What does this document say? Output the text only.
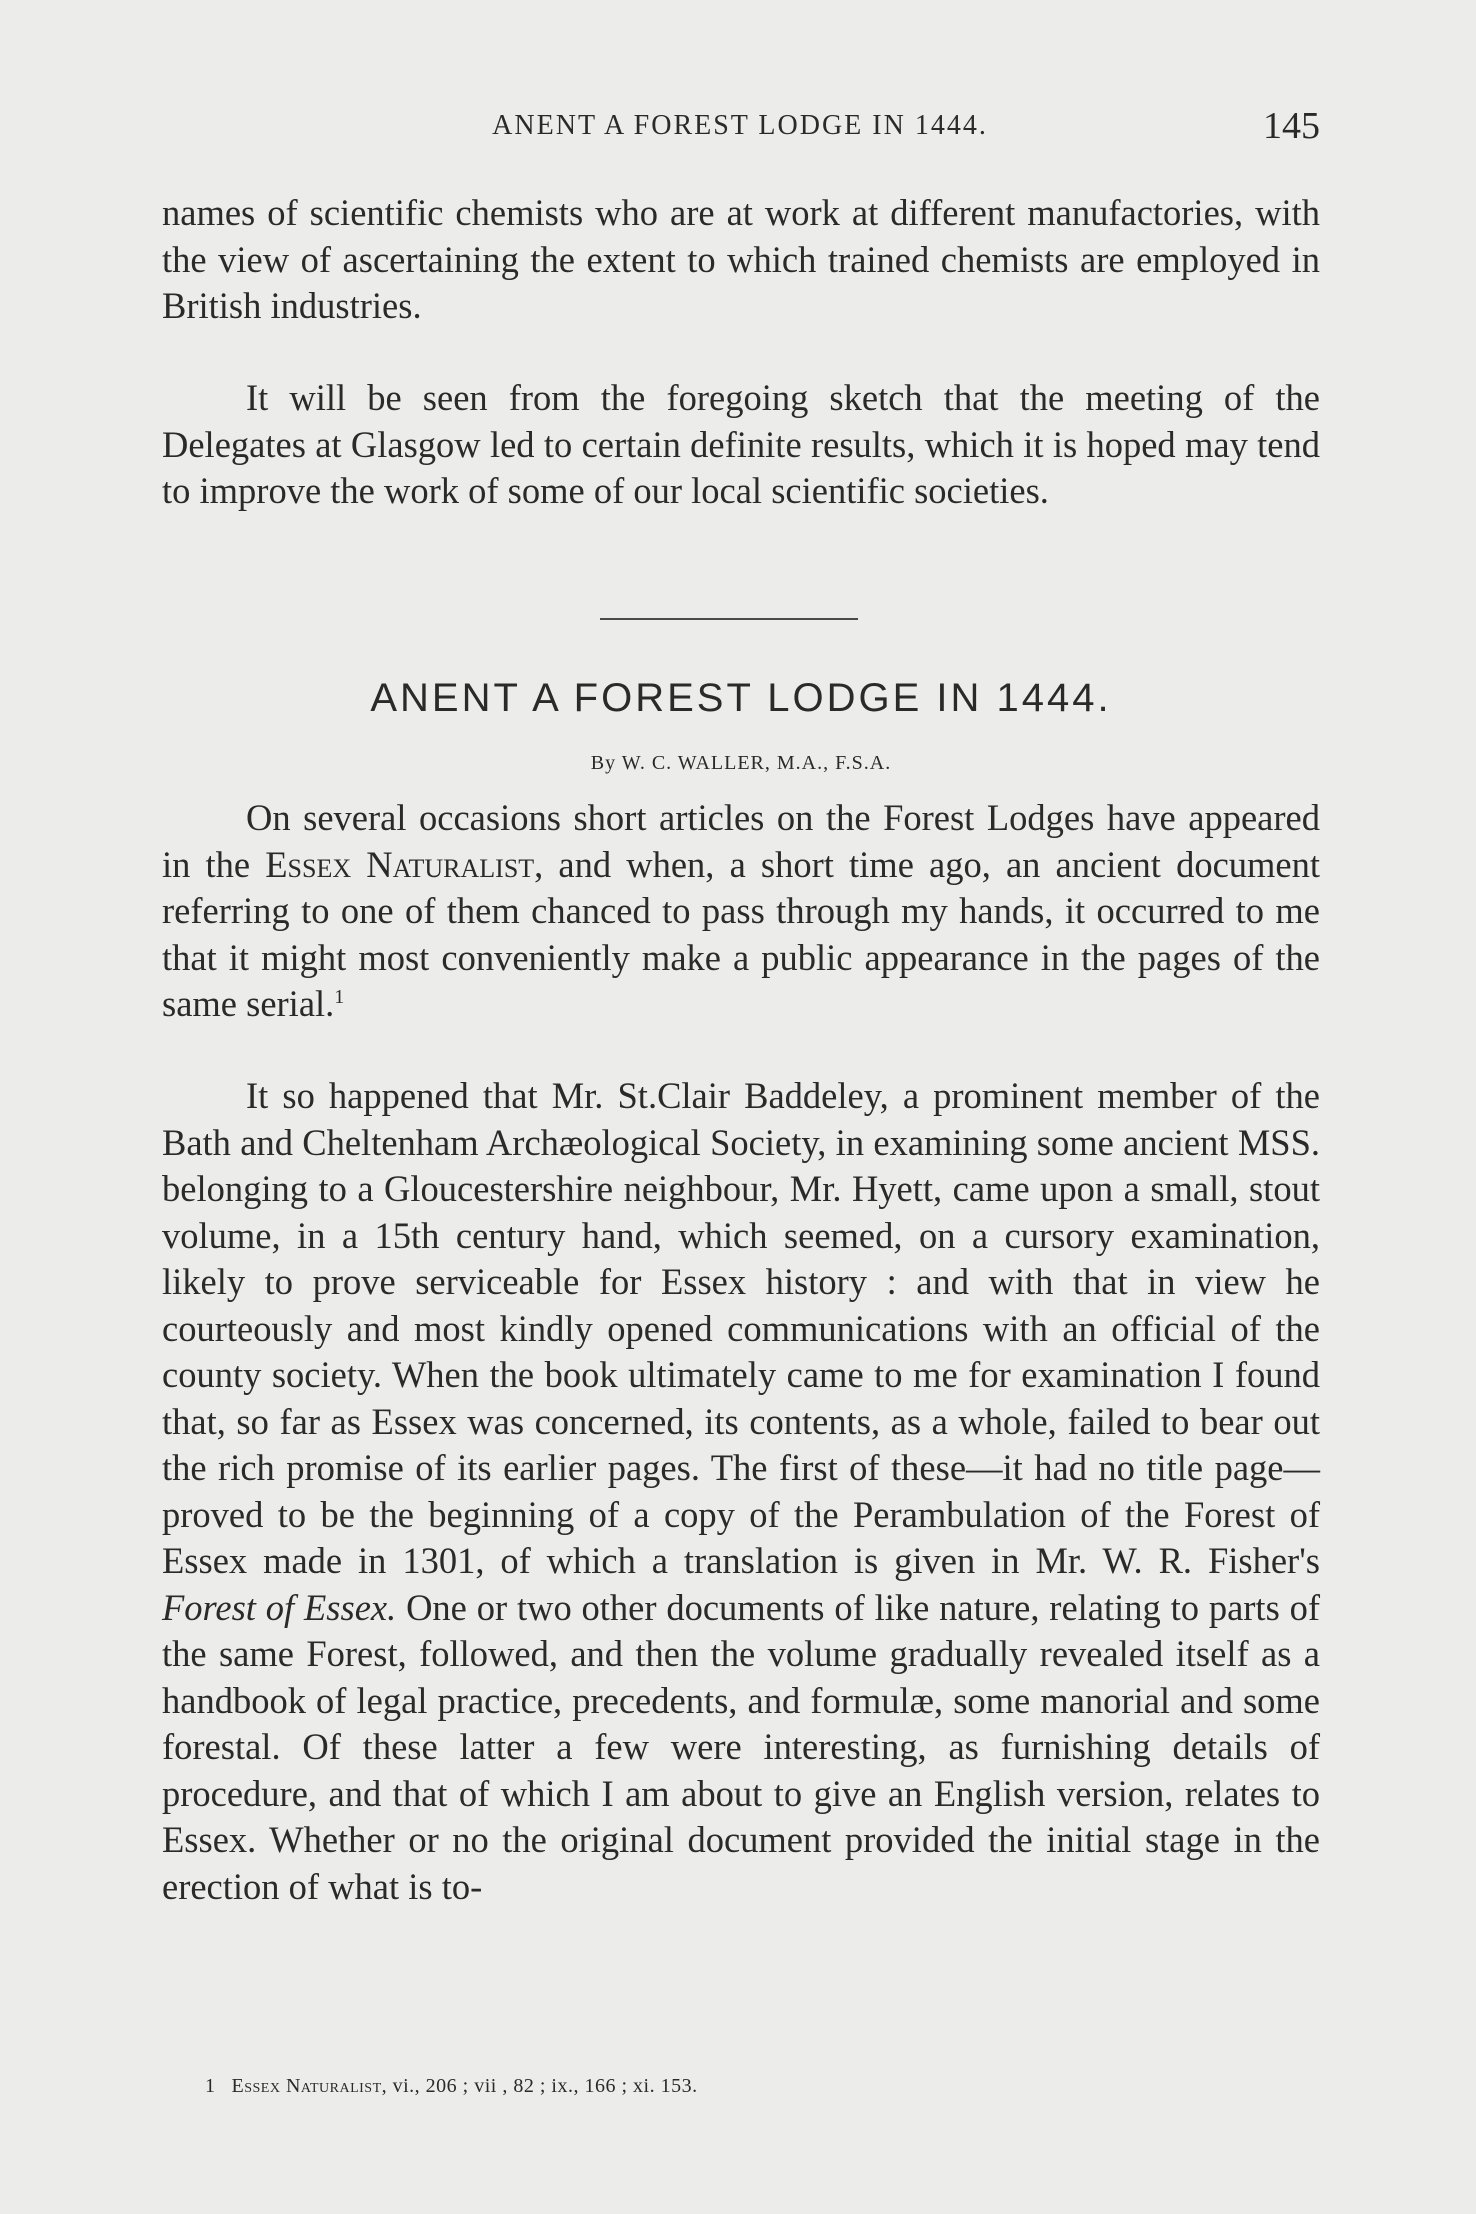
ANENT A FOREST LODGE IN 1444.	145

names of scientific chemists who are at work at different manufactories, with the view of ascertaining the extent to which trained chemists are employed in British industries.

It will be seen from the foregoing sketch that the meeting of the Delegates at Glasgow led to certain definite results, which it is hoped may tend to improve the work of some of our local scientific societies.

ANENT A FOREST LODGE IN 1444.
By W. C. WALLER, M.A., F.S.A.

On several occasions short articles on the Forest Lodges have appeared in the Essex Naturalist, and when, a short time ago, an ancient document referring to one of them chanced to pass through my hands, it occurred to me that it might most conveniently make a public appearance in the pages of the same serial.$^1$

It so happened that Mr. St.Clair Baddeley, a prominent member of the Bath and Cheltenham Archæological Society, in examining some ancient MSS. belonging to a Gloucestershire neighbour, Mr. Hyett, came upon a small, stout volume, in a 15th century hand, which seemed, on a cursory examination, likely to prove serviceable for Essex history : and with that in view he courteously and most kindly opened communications with an official of the county society. When the book ultimately came to me for examination I found that, so far as Essex was concerned, its contents, as a whole, failed to bear out the rich promise of its earlier pages. The first of these—it had no title page—proved to be the beginning of a copy of the Perambulation of the Forest of Essex made in 1301, of which a translation is given in Mr. W. R. Fisher's Forest of Essex. One or two other documents of like nature, relating to parts of the same Forest, followed, and then the volume gradually revealed itself as a handbook of legal practice, precedents, and formulæ, some manorial and some forestal. Of these latter a few were interesting, as furnishing details of procedure, and that of which I am about to give an English version, relates to Essex. Whether or no the original document provided the initial stage in the erection of what is to-

1 Essex Naturalist, vi., 206 ; vii , 82 ; ix., 166 ; xi. 153.
